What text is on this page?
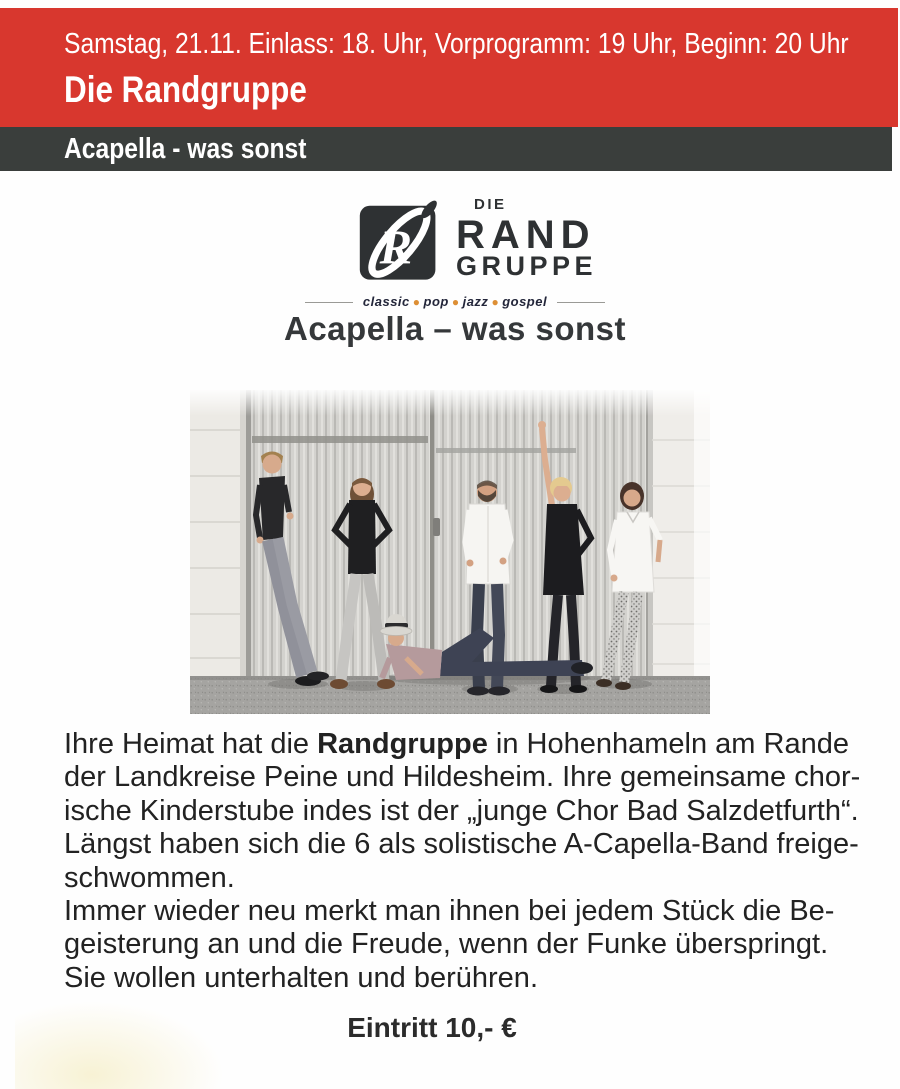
Samstag, 21.11. Einlass: 18. Uhr, Vorprogramm: 19 Uhr, Beginn: 20 Uhr
Die Randgruppe
Acapella - was sonst
R
DIE
RAND
GRUPPE
classic ● pop ● jazz ● gospel
Acapella – was sonst
Ihre Heimat hat die Randgruppe in Hohenhameln am Rande
der Landkreise Peine und Hildesheim. Ihre gemeinsame chor-
ische Kinderstube indes ist der „junge Chor Bad Salzdetfurth“.
Längst haben sich die 6 als solistische A-Capella-Band freige-
schwommen.
Immer wieder neu merkt man ihnen bei jedem Stück die Be-
geisterung an und die Freude, wenn der Funke überspringt.
Sie wollen unterhalten und berühren.
Eintritt 10,- €
